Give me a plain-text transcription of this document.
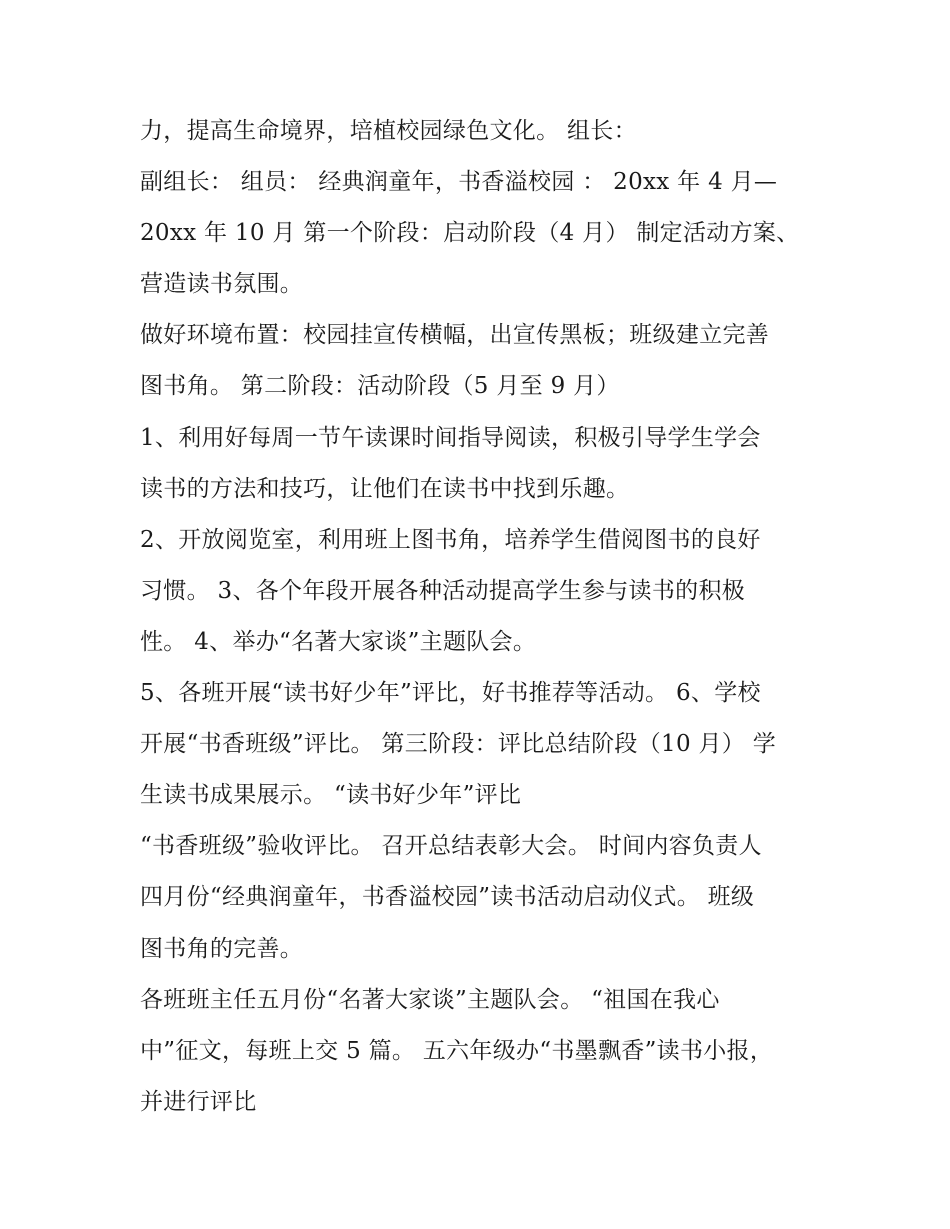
力，提高生命境界，培植校园绿色文化。 组长：
副组长： 组员： 经典润童年，书香溢校园 ： 20xx 年 4 月—
20xx 年 10 月 第一个阶段：启动阶段（4 月） 制定活动方案、
营造读书氛围。
做好环境布置：校园挂宣传横幅，出宣传黑板；班级建立完善
图书角。 第二阶段：活动阶段（5 月至 9 月）
1、利用好每周一节午读课时间指导阅读，积极引导学生学会
读书的方法和技巧，让他们在读书中找到乐趣。
2、开放阅览室，利用班上图书角，培养学生借阅图书的良好
习惯。 3、各个年段开展各种活动提高学生参与读书的积极
性。 4、举办“名著大家谈”主题队会。
5、各班开展“读书好少年”评比，好书推荐等活动。 6、学校
开展“书香班级”评比。 第三阶段：评比总结阶段（10 月） 学
生读书成果展示。 “读书好少年”评比
“书香班级”验收评比。 召开总结表彰大会。 时间内容负责人
四月份“经典润童年，书香溢校园”读书活动启动仪式。 班级
图书角的完善。
各班班主任五月份“名著大家谈”主题队会。 “祖国在我心
中”征文，每班上交 5 篇。 五六年级办“书墨飘香”读书小报，
并进行评比
